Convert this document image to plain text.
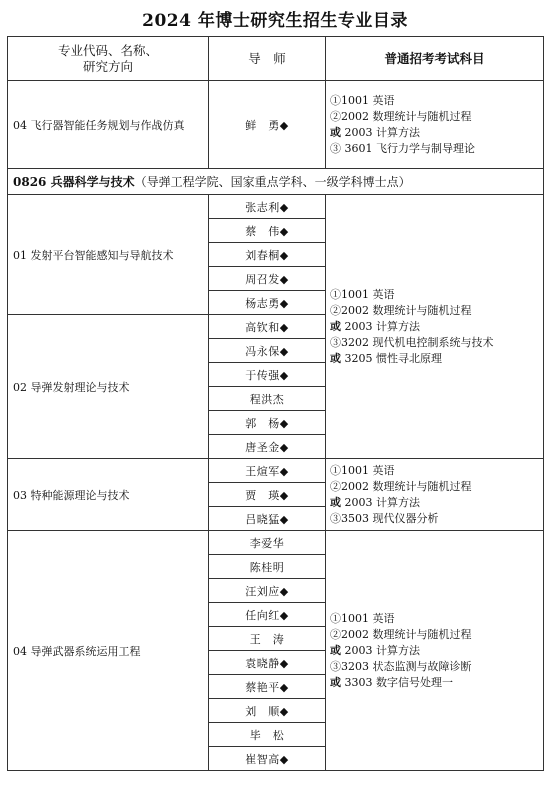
2024 年博士研究生招生专业目录
专业代码、名称、
研究方向	导　师	普通招考考试科目
04 飞行器智能任务规划与作战仿真	鲜　勇◆	①1001 英语
②2002 数理统计与随机过程
或 2003 计算方法
③ 3601 飞行力学与制导理论

0826 兵器科学与技术（导弹工程学院、国家重点学科、一级学科博士点）		
01 发射平台智能感知与导航技术	张志利◆	①1001 英语
②2002 数理统计与随机过程
或 2003 计算方法
③3202 现代机电控制系统与技术
或 3205 惯性寻北原理

	蔡　伟◆	
	刘春桐◆	
	周召发◆	
	杨志勇◆	
02 导弹发射理论与技术	高钦和◆	
	冯永保◆	
	于传强◆	
	程洪杰	
	郭　杨◆	
	唐圣金◆	
03 特种能源理论与技术	王煊军◆	①1001 英语
②2002 数理统计与随机过程
或 2003 计算方法
③3503 现代仪器分析

	贾　瑛◆	
	吕晓猛◆	
04 导弹武器系统运用工程	李爱华	①1001 英语
②2002 数理统计与随机过程
或 2003 计算方法
③3203 状态监测与故障诊断
或 3303 数字信号处理一

	陈桂明	
	汪刘应◆	
	任向红◆	
	王　涛	
	袁晓静◆	
	蔡艳平◆	
	刘　顺◆	
	毕　松	
	崔智高◆	
